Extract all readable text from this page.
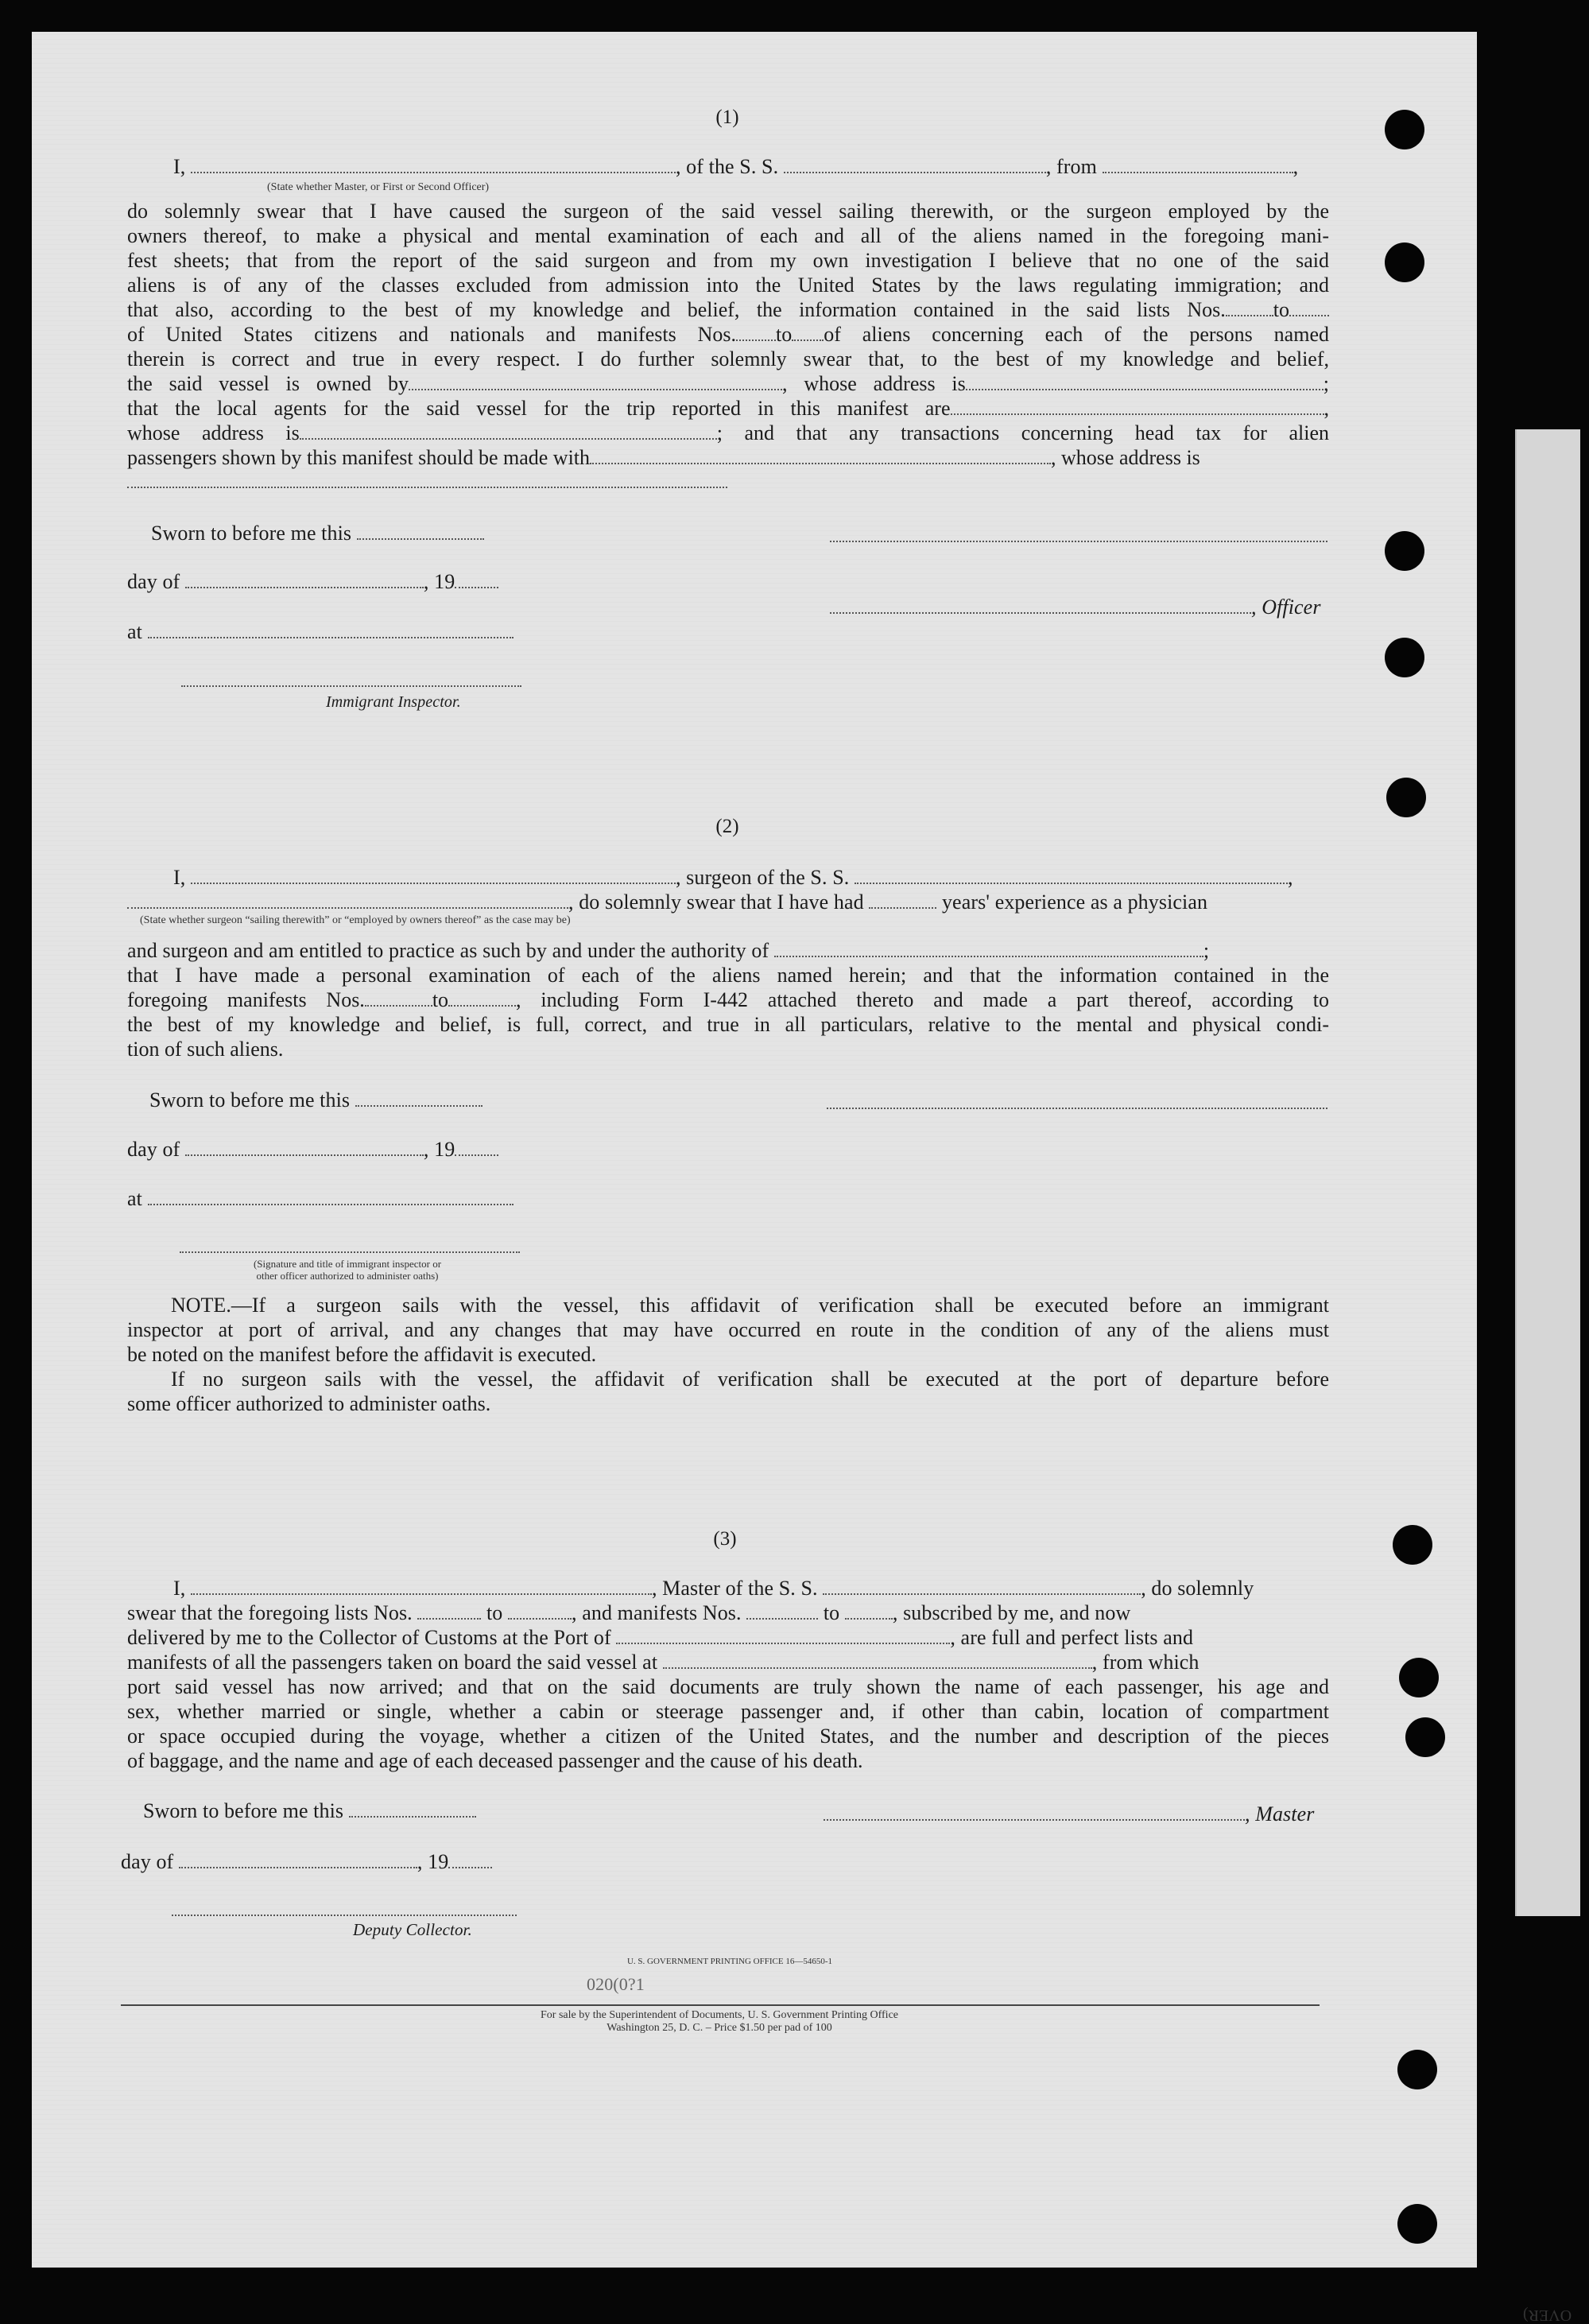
OVER)
(1)
I,	, of the S. S.	, from	,
(State whether Master, or First or Second Officer)
do solemnly swear that I have caused the surgeon of the said vessel sailing therewith, or the surgeon employed by the
owners thereof, to make a physical and mental examination of each and all of the aliens named in the foregoing mani-
fest sheets; that from the report of the said surgeon and from my own investigation I believe that no one of the said
aliens is of any of the classes excluded from admission into the United States by the laws regulating immigration; and
that also, according to the best of my knowledge and belief, the information contained in the said lists Nos. to
of United States citizens and nationals and manifests Nos. to of aliens concerning each of the persons named
therein is correct and true in every respect. I do further solemnly swear that, to the best of my knowledge and belief,
the said vessel is owned by	, whose address is	;
that the local agents for the said vessel for the trip reported in this manifest are	,
whose address is	; and that any transactions concerning head tax for alien
passengers shown by this manifest should be made with	, whose address is
Sworn to before me this
day of	, 19
, Officer
at
Immigrant Inspector.
(2)
I,	, surgeon of the S. S.	,
, do solemnly swear that I have had	years' experience as a physician
(State whether surgeon “sailing therewith” or “employed by owners thereof” as the case may be)
and surgeon and am entitled to practice as such by and under the authority of	;
that I have made a personal examination of each of the aliens named herein; and that the information contained in the
foregoing manifests Nos.	to	, including Form I-442 attached thereto and made a part thereof, according to
the best of my knowledge and belief, is full, correct, and true in all particulars, relative to the mental and physical condi-
tion of such aliens.
Sworn to before me this
day of	, 19
at
(Signature and title of immigrant inspector or
other officer authorized to administer oaths)
NOTE.—If a surgeon sails with the vessel, this affidavit of verification shall be executed before an immigrant
inspector at port of arrival, and any changes that may have occurred en route in the condition of any of the aliens must
be noted on the manifest before the affidavit is executed.
If no surgeon sails with the vessel, the affidavit of verification shall be executed at the port of departure before
some officer authorized to administer oaths.
(3)
I,	, Master of the S. S.	, do solemnly
swear that the foregoing lists Nos.	to	, and manifests Nos.	to	, subscribed by me, and now
delivered by me to the Collector of Customs at the Port of	, are full and perfect lists and
manifests of all the passengers taken on board the said vessel at	, from which
port said vessel has now arrived; and that on the said documents are truly shown the name of each passenger, his age and
sex, whether married or single, whether a cabin or steerage passenger and, if other than cabin, location of compartment
or space occupied during the voyage, whether a citizen of the United States, and the number and description of the pieces
of baggage, and the name and age of each deceased passenger and the cause of his death.
Sworn to before me this	, Master
day of	, 19
Deputy Collector.
U. S. GOVERNMENT PRINTING OFFICE 16—54650-1
020(0?1
For sale by the Superintendent of Documents, U. S. Government Printing Office
Washington 25, D. C. – Price $1.50 per pad of 100
